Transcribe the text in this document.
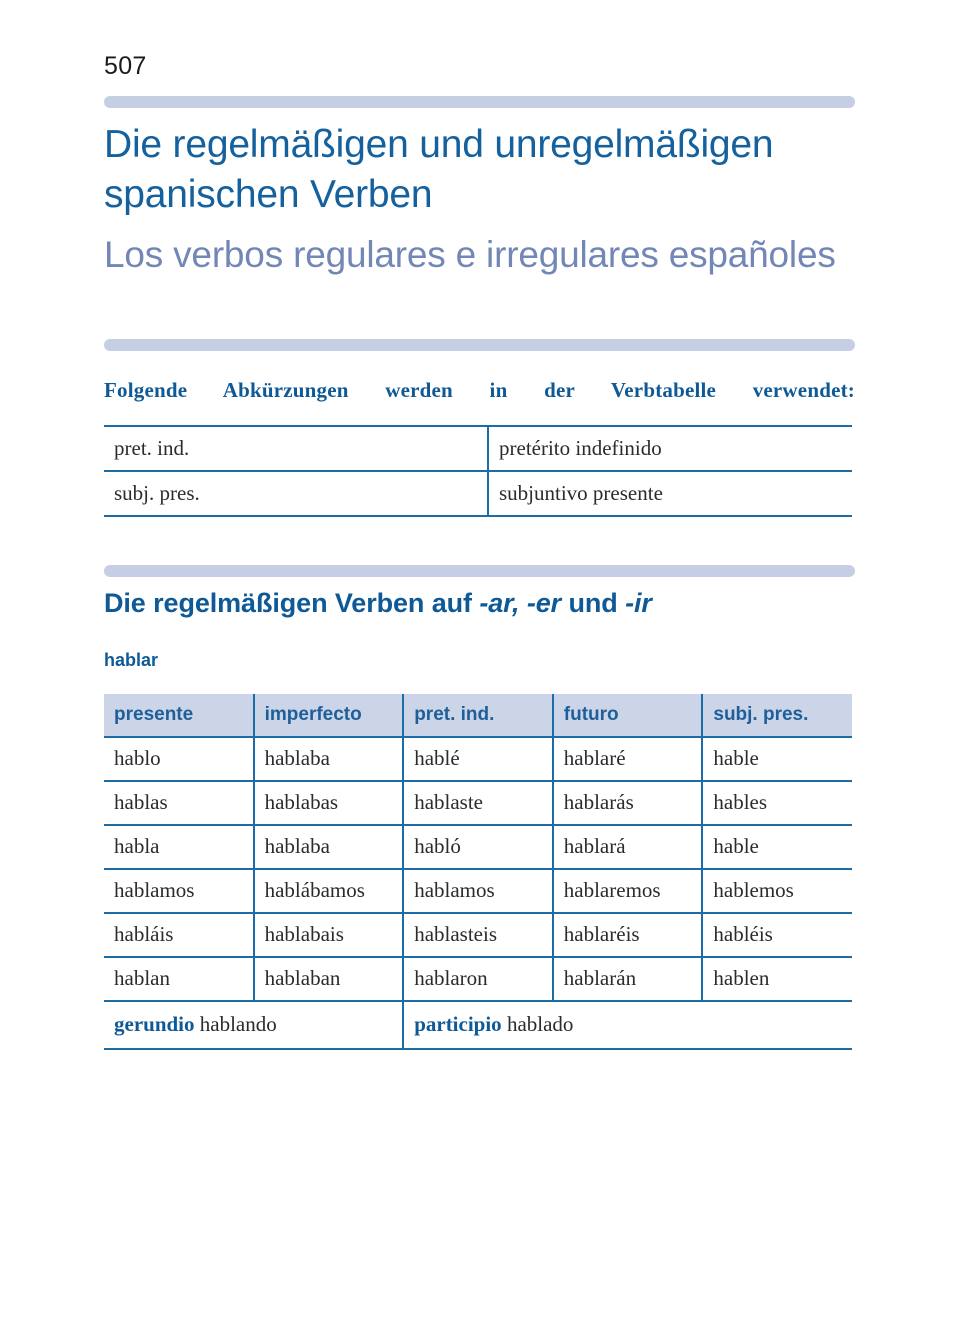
507
Die regelmäßigen und unregelmäßigen spanischen Verben
Los verbos regulares e irregulares españoles
Folgende Abkürzungen werden in der Verbtabelle verwendet:
pret. ind.	pretérito indefinido
subj. pres.	subjuntivo presente
Die regelmäßigen Verben auf -ar, -er und -ir
hablar
presente	imperfecto	pret. ind.	futuro	subj. pres.
hablo	hablaba	hablé	hablaré	hable
hablas	hablabas	hablaste	hablarás	hables
habla	hablaba	habló	hablará	hable
hablamos	hablábamos	hablamos	hablaremos	hablemos
habláis	hablabais	hablasteis	hablaréis	habléis
hablan	hablaban	hablaron	hablarán	hablen
gerundio hablando		participio hablado		
